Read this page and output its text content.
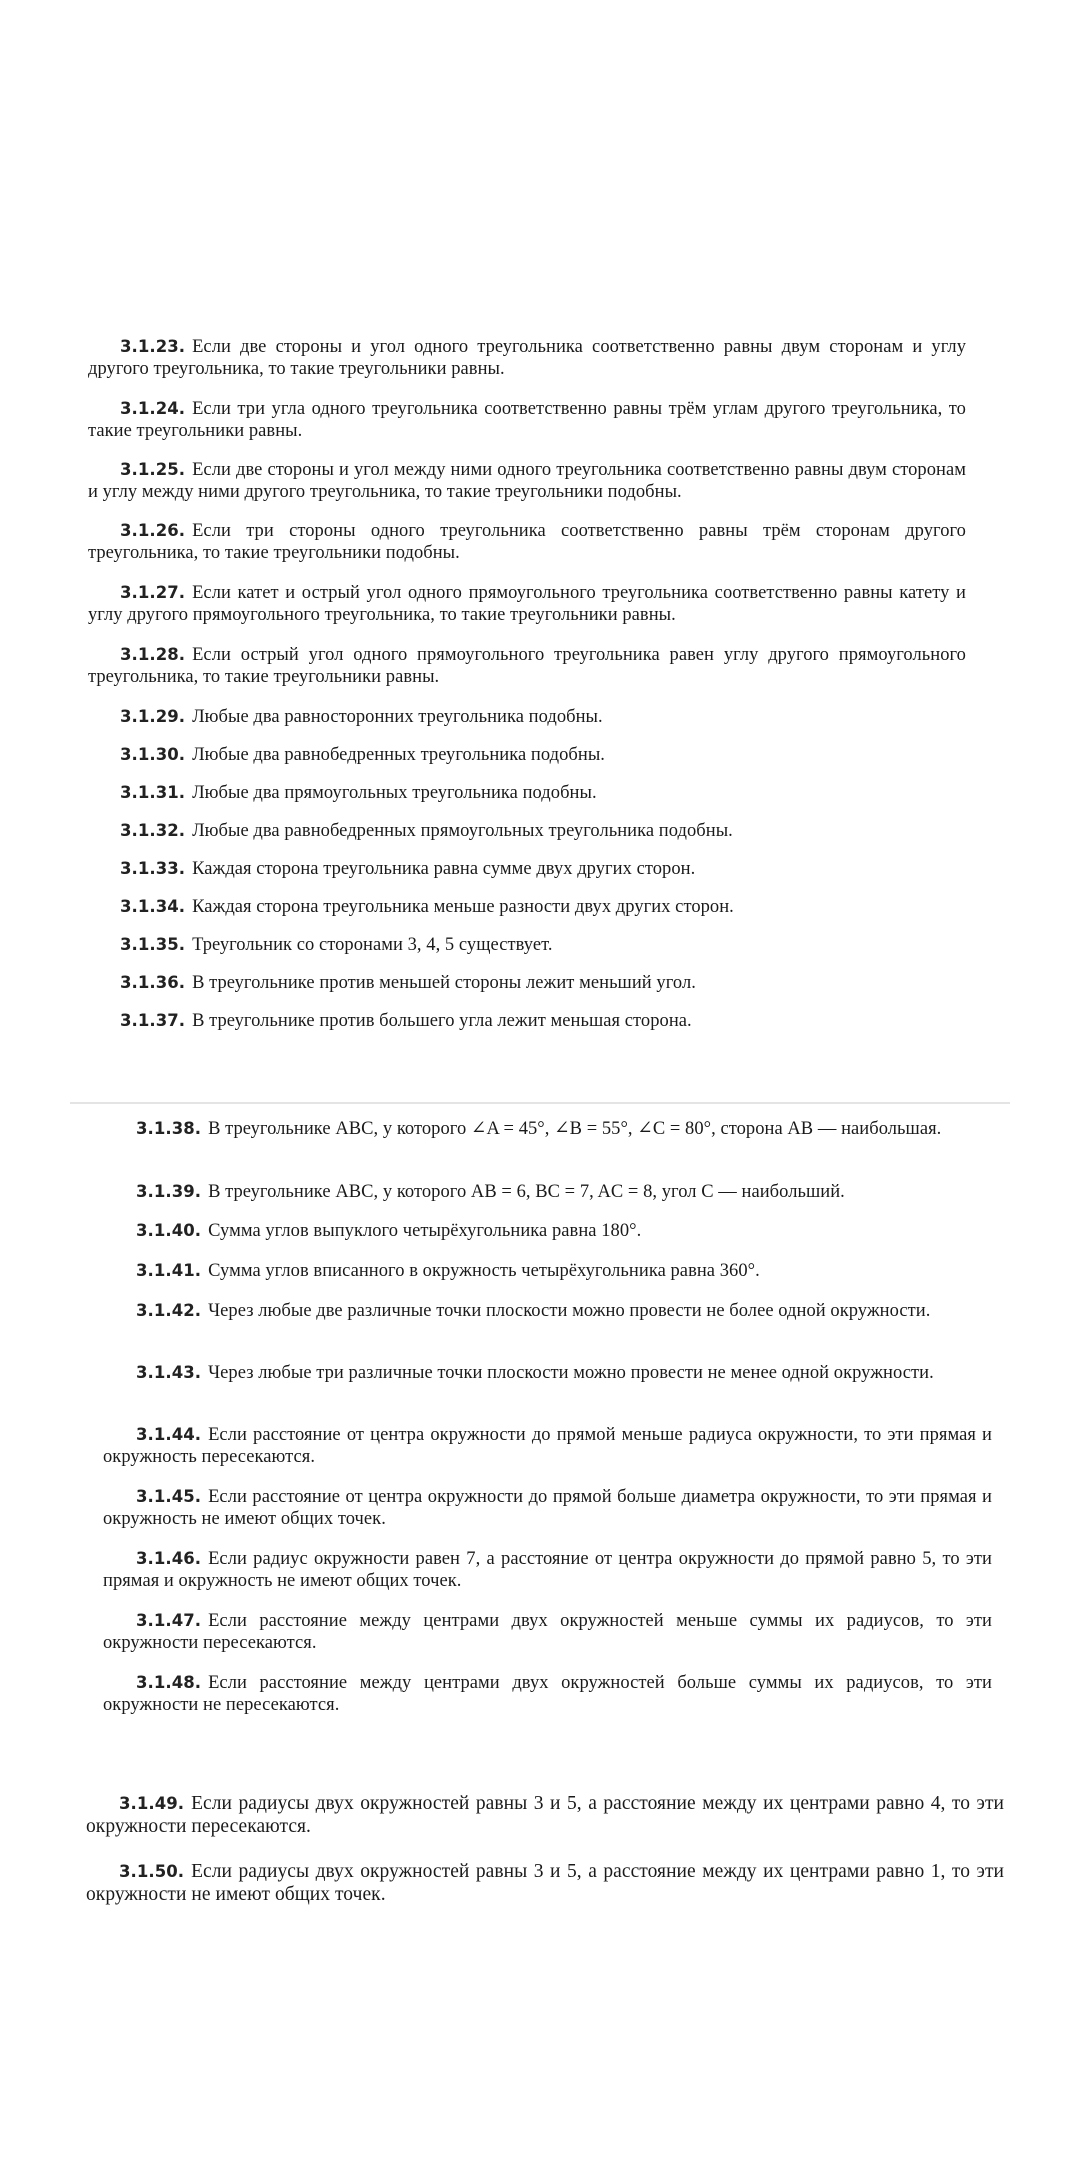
3.1.23. Если две стороны и угол одного треугольника соответственно равны двум сторонам и углу другого треугольника, то такие треугольники равны.
3.1.24. Если три угла одного треугольника соответственно равны трём углам другого треугольника, то такие треугольники равны.
3.1.25. Если две стороны и угол между ними одного треугольника соответственно равны двум сторонам и углу между ними другого треугольника, то такие треугольники подобны.
3.1.26. Если три стороны одного треугольника соответственно равны трём сторонам другого треугольника, то такие треугольники подобны.
3.1.27. Если катет и острый угол одного прямоугольного треугольника соответственно равны катету и углу другого прямоугольного треугольника, то такие треугольники равны.
3.1.28. Если острый угол одного прямоугольного треугольника равен углу другого прямоугольного треугольника, то такие треугольники равны.
3.1.29. Любые два равносторонних треугольника подобны.
3.1.30. Любые два равнобедренных треугольника подобны.
3.1.31. Любые два прямоугольных треугольника подобны.
3.1.32. Любые два равнобедренных прямоугольных треугольника подобны.
3.1.33. Каждая сторона треугольника равна сумме двух других сторон.
3.1.34. Каждая сторона треугольника меньше разности двух других сторон.
3.1.35. Треугольник со сторонами 3, 4, 5 существует.
3.1.36. В треугольнике против меньшей стороны лежит меньший угол.
3.1.37. В треугольнике против большего угла лежит меньшая сторона.
3.1.38. В треугольнике ABC, у которого ∠A = 45°, ∠B = 55°, ∠C = 80°, сторона AB — наибольшая.
3.1.39. В треугольнике ABC, у которого AB = 6, BC = 7, AC = 8, угол C — наибольший.
3.1.40. Сумма углов выпуклого четырёхугольника равна 180°.
3.1.41. Сумма углов вписанного в окружность четырёхугольника равна 360°.
3.1.42. Через любые две различные точки плоскости можно провести не более одной окружности.
3.1.43. Через любые три различные точки плоскости можно провести не менее одной окружности.
3.1.44. Если расстояние от центра окружности до прямой меньше радиуса окружности, то эти прямая и окружность пересекаются.
3.1.45. Если расстояние от центра окружности до прямой больше диаметра окружности, то эти прямая и окружность не имеют общих точек.
3.1.46. Если радиус окружности равен 7, а расстояние от центра окружности до прямой равно 5, то эти прямая и окружность не имеют общих точек.
3.1.47. Если расстояние между центрами двух окружностей меньше суммы их радиусов, то эти окружности пересекаются.
3.1.48. Если расстояние между центрами двух окружностей больше суммы их радиусов, то эти окружности не пересекаются.
3.1.49. Если радиусы двух окружностей равны 3 и 5, а расстояние между их центрами равно 4, то эти окружности пересекаются.
3.1.50. Если радиусы двух окружностей равны 3 и 5, а расстояние между их центрами равно 1, то эти окружности не имеют общих точек.
